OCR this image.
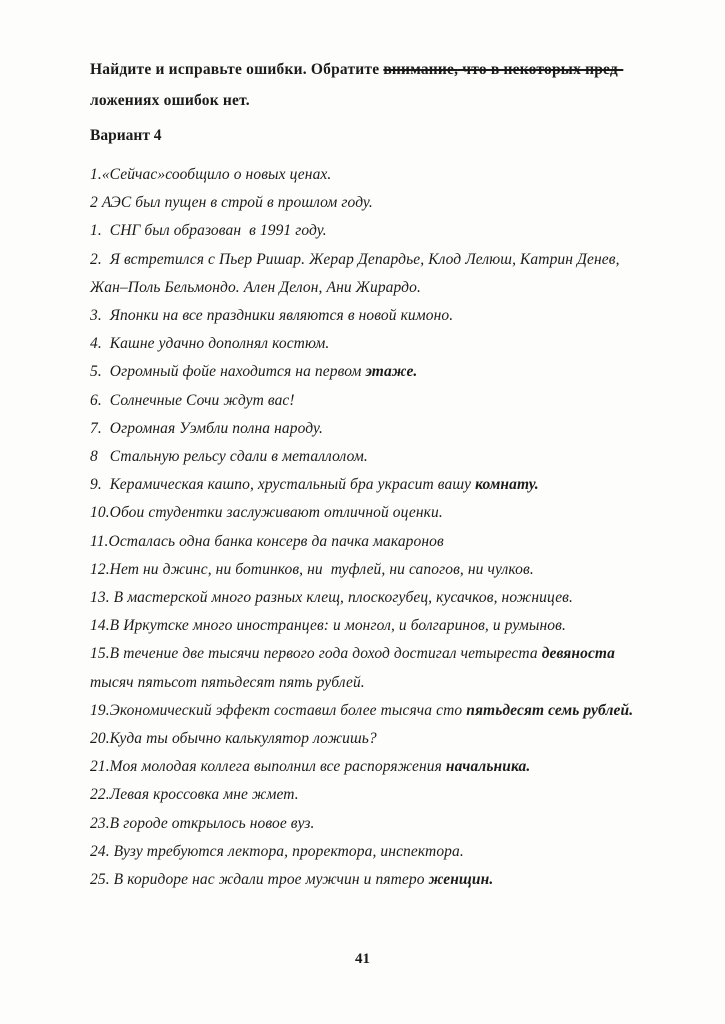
Найдите и исправьте ошибки. Обратите внимание, что в некоторых пред-

ложениях ошибок нет.

Вариант 4

1.«Сейчас»сообщило о новых ценах.

2 АЭС был пущен в строй в прошлом году.

1.  СНГ был образован  в 1991 году.

2.  Я встретился с Пьер Ришар. Жерар Депардье, Клод Лелюш, Катрин Денев, Жан–Поль Бельмондо. Ален Делон, Ани Жирардо.

3.  Японки на все праздники являются в новой кимоно.

4.  Кашне удачно дополнял костюм.

5.  Огромный фойе находится на первом этаже.

6.  Солнечные Сочи ждут вас!

7.  Огромная Уэмбли полна народу.

8   Стальную рельсу сдали в металлолом.

9.  Керамическая кашпо, хрустальный бра украсит вашу комнату.

10.Обои студентки заслуживают отличной оценки.

11.Осталась одна банка консерв да пачка макаронов

12.Нет ни джинс, ни ботинков, ни  туфлей, ни сапогов, ни чулков.

13. В мастерской много разных клещ, плоскогубец, кусачков, ножницев.

14.В Иркутске много иностранцев: и монгол, и болгаринов, и румынов.

15.В течение две тысячи первого года доход достигал четыреста девяноста тысяч пятьсот пятьдесят пять рублей.

19.Экономический эффект составил более тысяча сто пятьдесят семь рублей.

20.Куда ты обычно калькулятор ложишь?

21.Моя молодая коллега выполнил все распоряжения начальника.

22.Левая кроссовка мне жмет.

23.В городе открылось новое вуз.

24. Вузу требуются лектора, проректора, инспектора.

25. В коридоре нас ждали трое мужчин и пятеро женщин.

41
